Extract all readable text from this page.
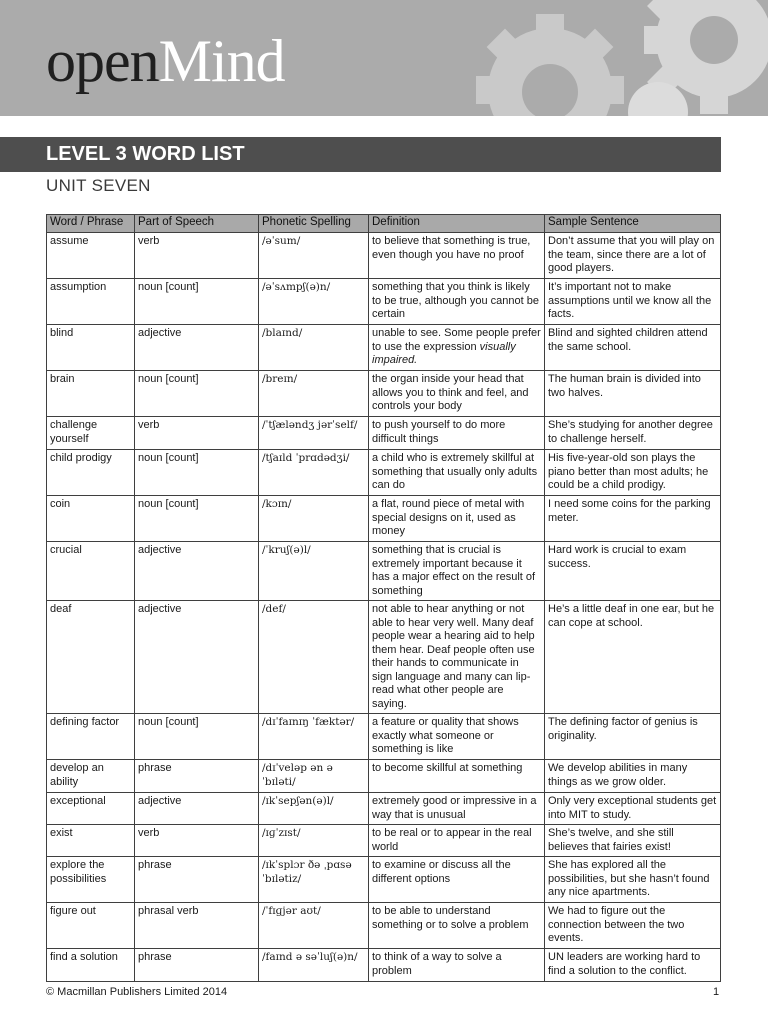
openMind
LEVEL 3 WORD LIST
UNIT SEVEN
Word / Phrase	Part of Speech	Phonetic Spelling	Definition	Sample Sentence
assume	verb	/əˈsum/	to believe that something is true, even though you have no proof	Don’t assume that you will play on the team, since there are a lot of good players.
assumption	noun [count]	/əˈsʌmpʃ(ə)n/	something that you think is likely to be true, although you cannot be certain	It’s important not to make assumptions until we know all the facts.
blind	adjective	/blaɪnd/	unable to see. Some people prefer to use the expression visually impaired.	Blind and sighted children attend the same school.
brain	noun [count]	/breɪn/	the organ inside your head that allows you to think and feel, and controls your body	The human brain is divided into two halves.
challenge yourself	verb	/ˈtʃæləndʒ jərˈself/	to push yourself to do more difficult things	She’s studying for another degree to challenge herself.
child prodigy	noun [count]	/tʃaɪld ˈprɑdədʒi/	a child who is extremely skillful at something that usually only adults can do	His five-year-old son plays the piano better than most adults; he could be a child prodigy.
coin	noun [count]	/kɔɪn/	a flat, round piece of metal with special designs on it, used as money	I need some coins for the parking meter.
crucial	adjective	/ˈkruʃ(ə)l/	something that is crucial is extremely important because it has a major effect on the result of something	Hard work is crucial to exam success.
deaf	adjective	/def/	not able to hear anything or not able to hear very well. Many deaf people wear a hearing aid to help them hear. Deaf people often use their hands to communicate in sign language and many can lip-read what other people are saying.	He’s a little deaf in one ear, but he can cope at school.
defining factor	noun [count]	/dɪˈfaɪnɪŋ ˈfæktər/	a feature or quality that shows exactly what someone or something is like	The defining factor of genius is originality.
develop an ability	phrase	/dɪˈveləp ən əˈbɪləti/	to become skillful at something	We develop abilities in many things as we grow older.
exceptional	adjective	/ɪkˈsepʃən(ə)l/	extremely good or impressive in a way that is unusual	Only very exceptional students get into MIT to study.
exist	verb	/ɪɡˈzɪst/	to be real or to appear in the real world	She’s twelve, and she still believes that fairies exist!
explore the possibilities	phrase	/ɪkˈsplɔr ðə ˌpɑsəˈbɪlətiz/	to examine or discuss all the different options	She has explored all the possibilities, but she hasn’t found any nice apartments.
figure out	phrasal verb	/ˈfɪɡjər aʊt/	to be able to understand something or to solve a problem	We had to figure out the connection between the two events.
find a solution	phrase	/faɪnd ə səˈluʃ(ə)n/	to think of a way to solve a problem	UN leaders are working hard to find a solution to the conflict.
© Macmillan Publishers Limited 2014	1
